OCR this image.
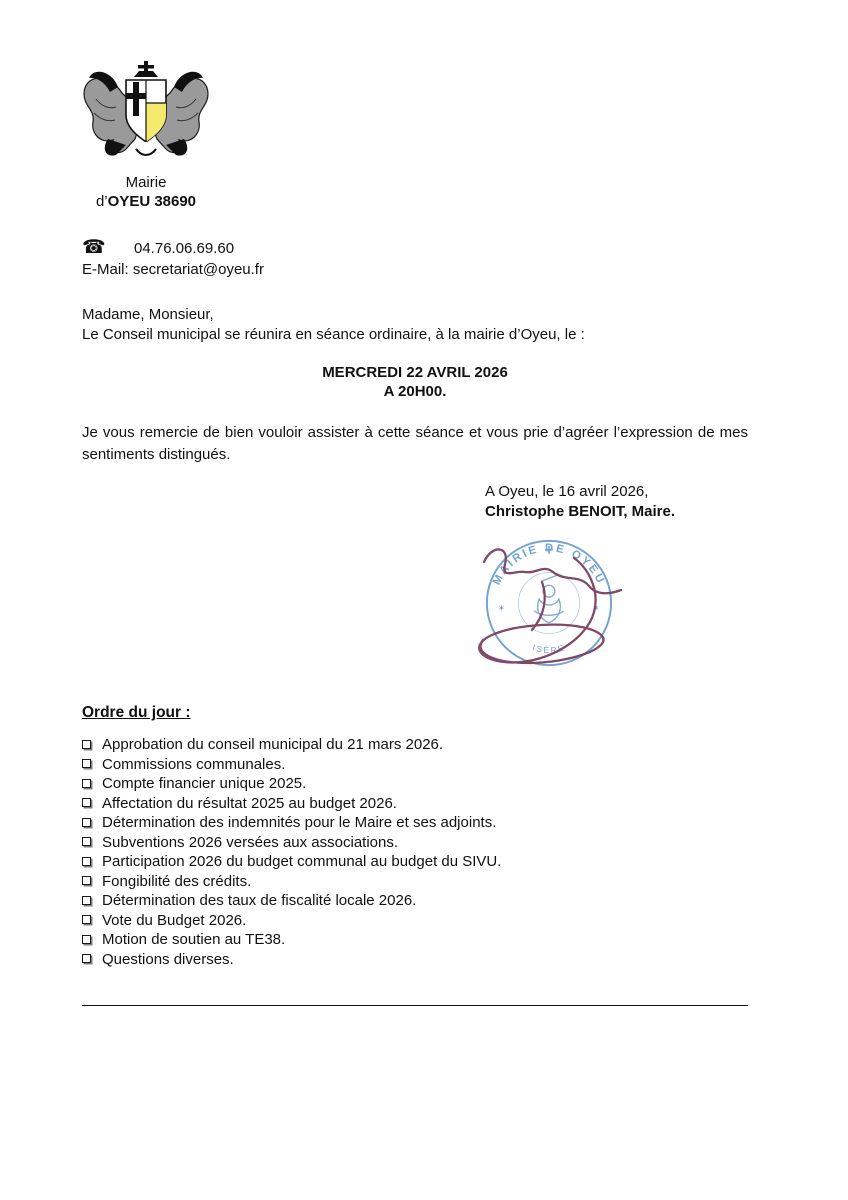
Mairie
d’OYEU 38690
☎ 04.76.06.69.60
E-Mail: secretariat@oyeu.fr
Madame, Monsieur,
Le Conseil municipal se réunira en séance ordinaire, à la mairie d’Oyeu, le :
MERCREDI 22 AVRIL 2026
A 20H00.

Je vous remercie de bien vouloir assister à cette séance et vous prie d’agréer l’expression de mes sentiments distingués.

A Oyeu, le 16 avril 2026,
Christophe BENOIT, Maire.
✶	✶
MAIRIE DE OYEU
ISÈRE
Ordre du jour :
Approbation du conseil municipal du 21 mars 2026.
Commissions communales.
Compte financier unique 2025.
Affectation du résultat 2025 au budget 2026.
Détermination des indemnités pour le Maire et ses adjoints.
Subventions 2026 versées aux associations.
Participation 2026 du budget communal au budget du SIVU.
Fongibilité des crédits.
Détermination des taux de fiscalité locale 2026.
Vote du Budget 2026.
Motion de soutien au TE38.
Questions diverses.
